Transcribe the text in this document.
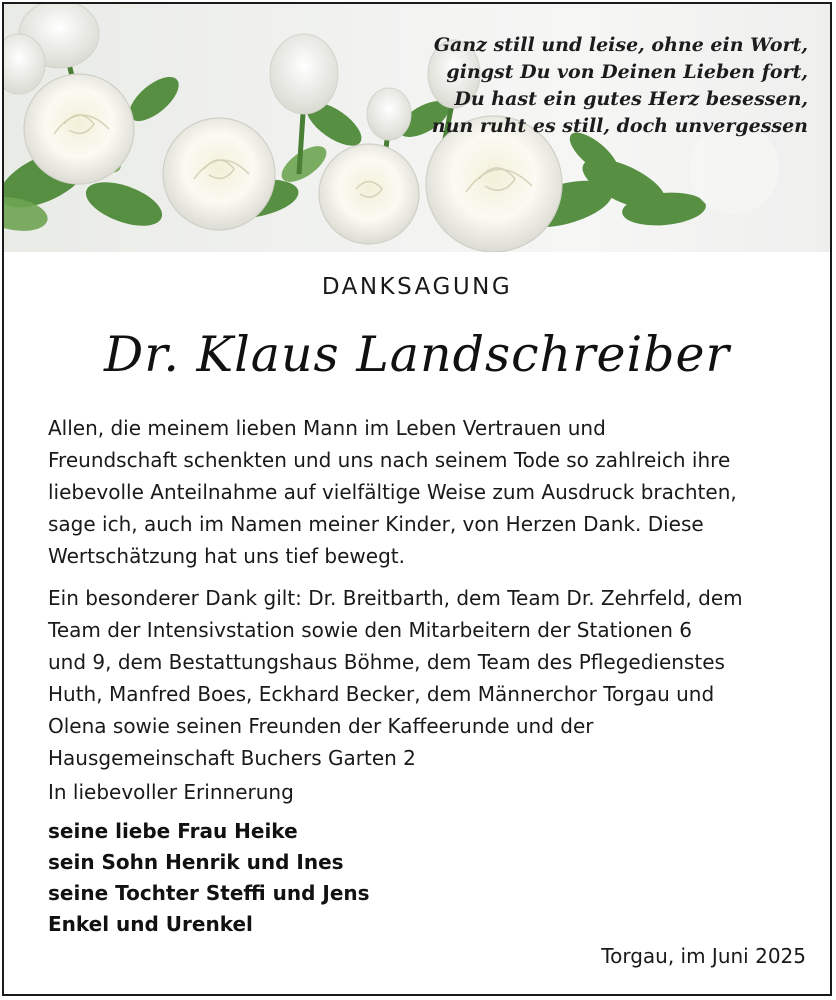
Ganz still und leise, ohne ein Wort,
gingst Du von Deinen Lieben fort,
Du hast ein gutes Herz besessen,
nun ruht es still, doch unvergessen
DANKSAGUNG
Dr. Klaus Landschreiber

Allen, die meinem lieben Mann im Leben Vertrauen und

Freundschaft schenkten und uns nach seinem Tode so zahlreich ihre

liebevolle Anteilnahme auf vielfältige Weise zum Ausdruck brachten,

sage ich, auch im Namen meiner Kinder, von Herzen Dank. Diese

Wertschätzung hat uns tief bewegt.

Ein besonderer Dank gilt: Dr. Breitbarth, dem Team Dr. Zehrfeld, dem

Team der Intensivstation sowie den Mitarbeitern der Stationen 6

und 9, dem Bestattungshaus Böhme, dem Team des Pflegedienstes

Huth, Manfred Boes, Eckhard Becker, dem Männerchor Torgau und

Olena sowie seinen Freunden der Kaffeerunde und der

Hausgemeinschaft Buchers Garten 2

In liebevoller Erinnerung

seine liebe Frau Heike
sein Sohn Henrik und Ines
seine Tochter Steffi und Jens
Enkel und Urenkel
Torgau, im Juni 2025
